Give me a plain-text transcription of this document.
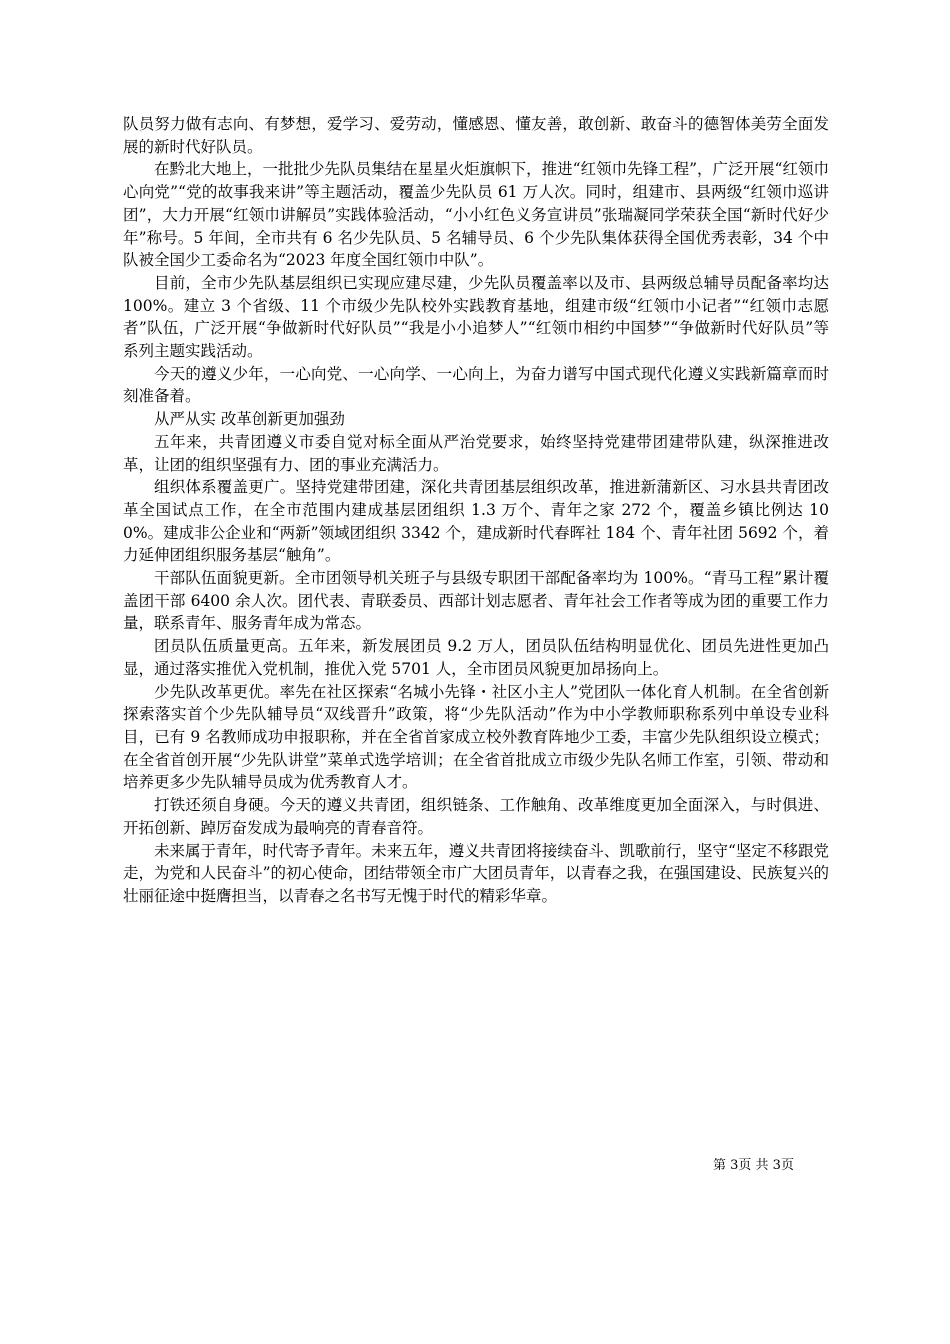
队员努力做有志向、有梦想，爱学习、爱劳动，懂感恩、懂友善，敢创新、敢奋斗的德智体美劳全面发展的新时代好队员。

在黔北大地上，一批批少先队员集结在星星火炬旗帜下，推进“红领巾先锋工程”，广泛开展“红领巾心向党”“党的故事我来讲”等主题活动，覆盖少先队员 61 万人次。同时，组建市、县两级“红领巾巡讲团”，大力开展“红领巾讲解员”实践体验活动，“小小红色义务宣讲员”张瑞凝同学荣获全国“新时代好少年”称号。5 年间，全市共有 6 名少先队员、5 名辅导员、6 个少先队集体获得全国优秀表彰，34 个中队被全国少工委命名为“2023 年度全国红领巾中队”。

目前，全市少先队基层组织已实现应建尽建，少先队员覆盖率以及市、县两级总辅导员配备率均达 100%。建立 3 个省级、11 个市级少先队校外实践教育基地，组建市级“红领巾小记者”“红领巾志愿者”队伍，广泛开展“争做新时代好队员”“我是小小追梦人”“红领巾相约中国梦”“争做新时代好队员”等系列主题实践活动。

今天的遵义少年，一心向党、一心向学、一心向上，为奋力谱写中国式现代化遵义实践新篇章而时刻准备着。

从严从实 改革创新更加强劲

五年来，共青团遵义市委自觉对标全面从严治党要求，始终坚持党建带团建带队建，纵深推进改革，让团的组织坚强有力、团的事业充满活力。

组织体系覆盖更广。坚持党建带团建，深化共青团基层组织改革，推进新蒲新区、习水县共青团改革全国试点工作，在全市范围内建成基层团组织 1.3 万个、青年之家 272 个，覆盖乡镇比例达 100%。建成非公企业和“两新”领域团组织 3342 个，建成新时代春晖社 184 个、青年社团 5692 个，着力延伸团组织服务基层“触角”。

干部队伍面貌更新。全市团领导机关班子与县级专职团干部配备率均为 100%。“青马工程”累计覆盖团干部 6400 余人次。团代表、青联委员、西部计划志愿者、青年社会工作者等成为团的重要工作力量，联系青年、服务青年成为常态。

团员队伍质量更高。五年来，新发展团员 9.2 万人，团员队伍结构明显优化、团员先进性更加凸显，通过落实推优入党机制，推优入党 5701 人，全市团员风貌更加昂扬向上。

少先队改革更优。率先在社区探索“名城小先锋・社区小主人”党团队一体化育人机制。在全省创新探索落实首个少先队辅导员“双线晋升”政策，将“少先队活动”作为中小学教师职称系列中单设专业科目，已有 9 名教师成功申报职称，并在全省首家成立校外教育阵地少工委，丰富少先队组织设立模式；在全省首创开展“少先队讲堂”菜单式选学培训；在全省首批成立市级少先队名师工作室，引领、带动和培养更多少先队辅导员成为优秀教育人才。

打铁还须自身硬。今天的遵义共青团，组织链条、工作触角、改革维度更加全面深入，与时俱进、开拓创新、踔厉奋发成为最响亮的青春音符。

未来属于青年，时代寄予青年。未来五年，遵义共青团将接续奋斗、凯歌前行，坚守“坚定不移跟党走，为党和人民奋斗”的初心使命，团结带领全市广大团员青年，以青春之我，在强国建设、民族复兴的壮丽征途中挺膺担当，以青春之名书写无愧于时代的精彩华章。

第 3页 共 3页
